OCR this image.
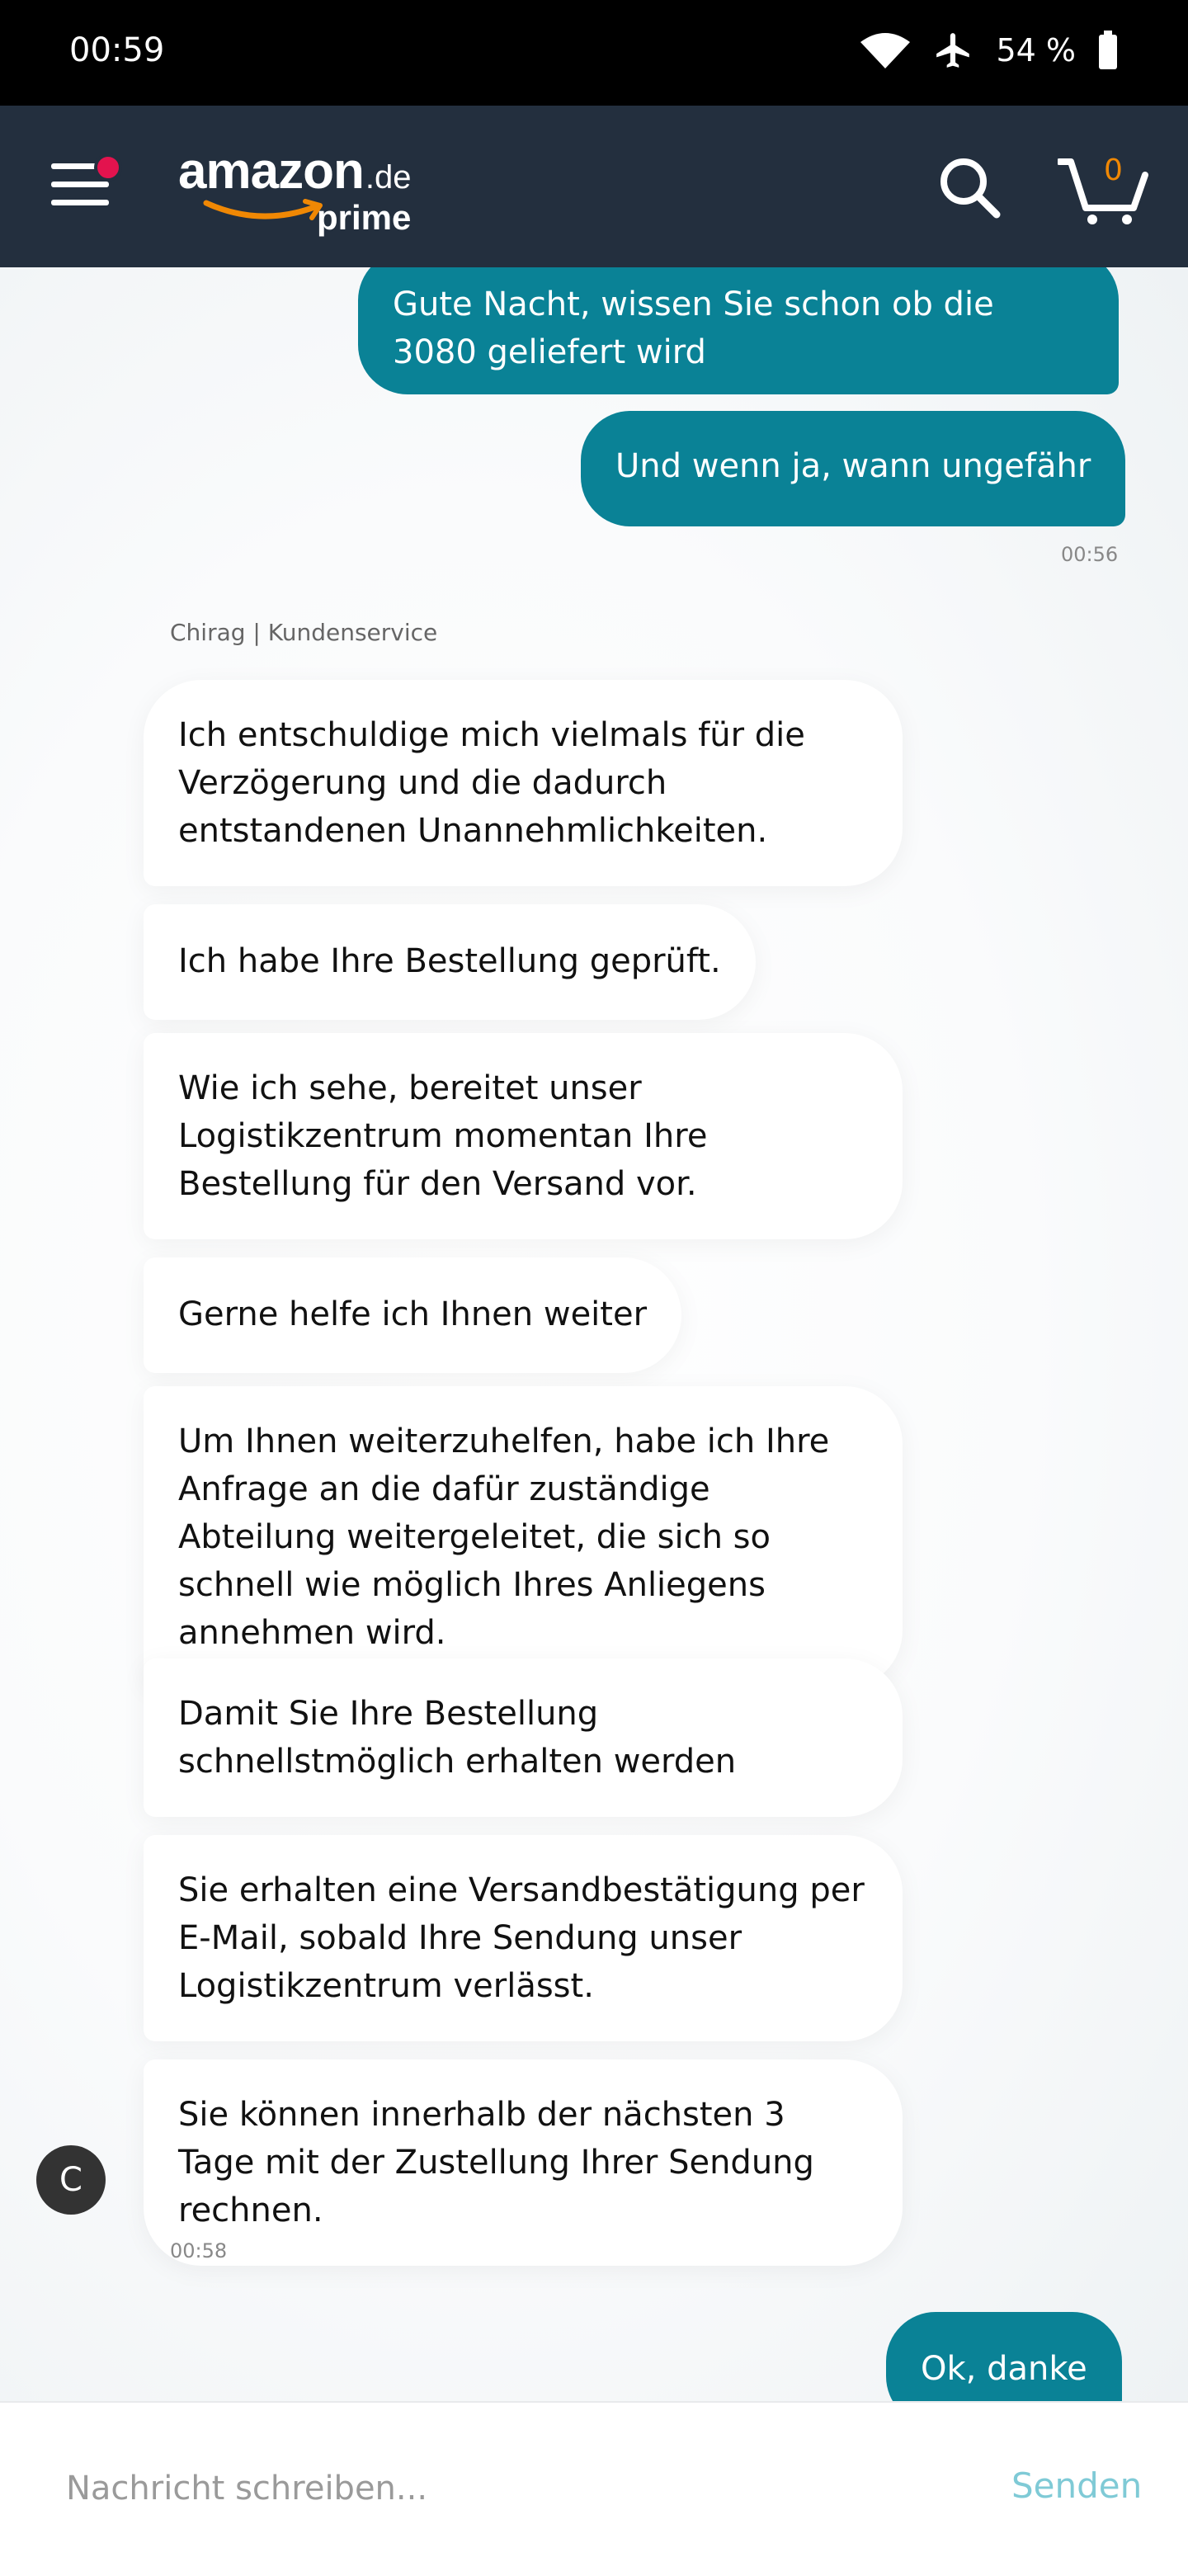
00:59	54 %
amazon.de
prime
0
Gute Nacht, wissen Sie schon ob die 3080 geliefert wird
Und wenn ja, wann ungefähr
00:56
Chirag | Kundenservice
Ich entschuldige mich vielmals für die Verzögerung und die dadurch entstandenen Unannehmlichkeiten.
Ich habe Ihre Bestellung geprüft.
Wie ich sehe, bereitet unser Logistikzentrum momentan Ihre Bestellung für den Versand vor.
Gerne helfe ich Ihnen weiter
Um Ihnen weiterzuhelfen, habe ich Ihre Anfrage an die dafür zuständige Abteilung weitergeleitet, die sich so schnell wie möglich Ihres Anliegens annehmen wird.
Damit Sie Ihre Bestellung schnellstmöglich erhalten werden
Sie erhalten eine Versandbestätigung per E-Mail, sobald Ihre Sendung unser Logistikzentrum verlässt.
Sie können innerhalb der nächsten 3 Tage mit der Zustellung Ihrer Sendung rechnen.
C
00:58
Ok, danke
Nachricht schreiben...
Senden
